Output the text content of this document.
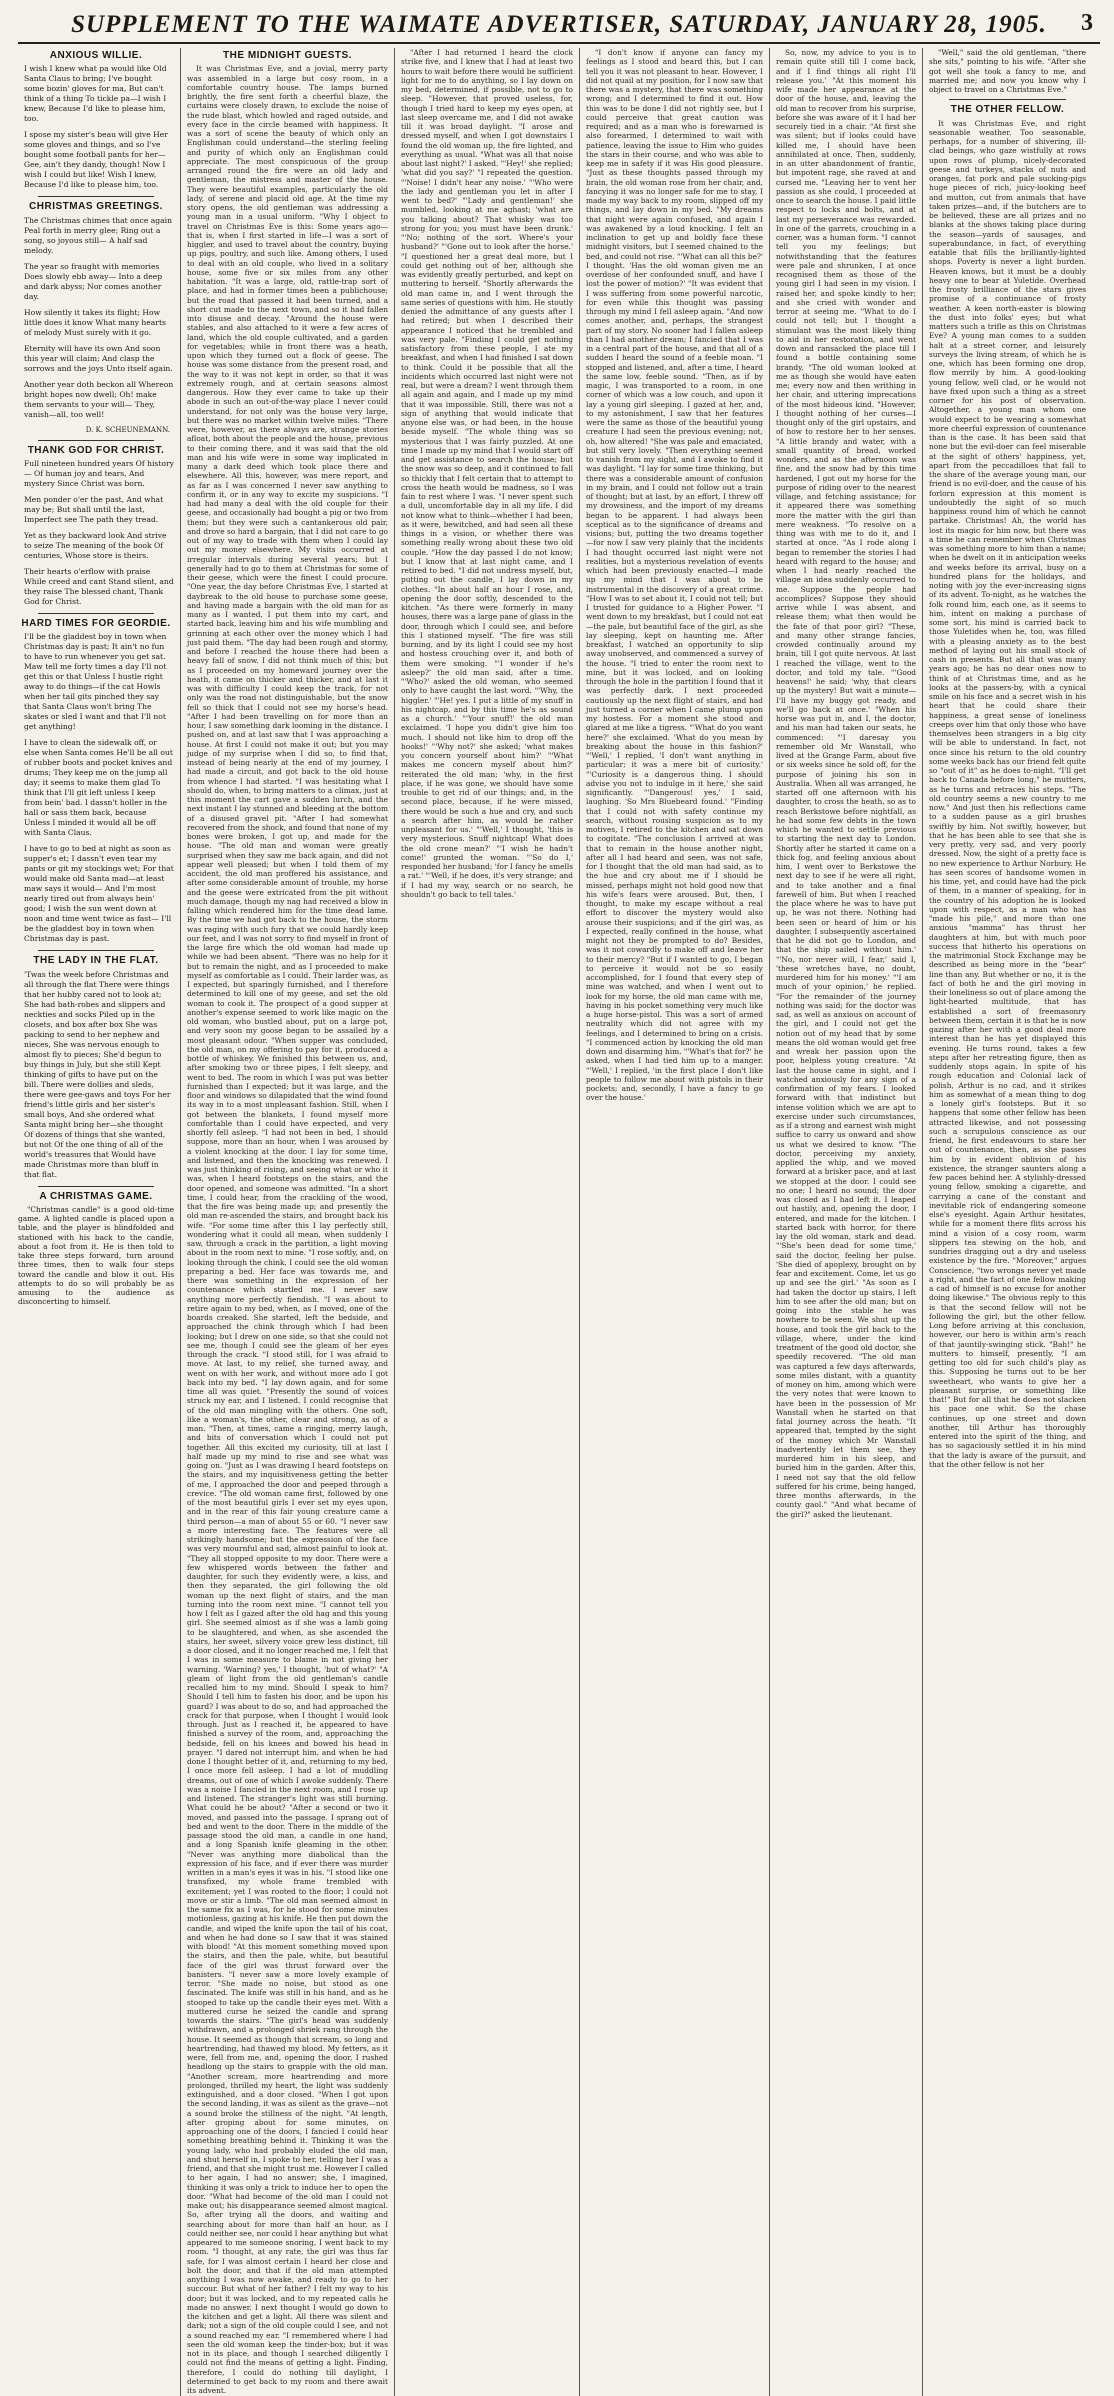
SUPPLEMENT TO THE WAIMATE ADVERTISER, SATURDAY, JANUARY 28, 1905. 3
ANXIOUS WILLIE.
I wish I knew what pa would like Old Santa Claus to bring; I've bought some bozin' gloves for ma, But can't think of a thing To tickle pa—I wish I knew, Because I'd like to please him, too.
I spose my sister's beau will give Her some gloves and things, and so I've bought some football pants for her— Gee, ain't they dandy, though! Now I wish I could but like! Wish I knew, Because I'd like to please him, too.
CHRISTMAS GREETINGS.
The Christmas chimes that once again Peal forth in merry glee; Ring out a song, so joyous still— A half sad melody.
The year so fraught with memories Does slowly ebb away— Into a deep and dark abyss; Nor comes another day.
How silently it takes its flight; How little does it know What many hearts of melody Must surely with it go.
Eternity will have its own And soon this year will claim; And clasp the sorrows and the joys Unto itself again.
Another year doth beckon all Whereon bright hopes now dwell; Oh! make them servants to your will— They, vanish—all, too well!
D. K. SCHEUNEMANN.
THANK GOD FOR CHRIST.
Full nineteen hundred years Of history— Of human joy and tears, And mystery Since Christ was born.
Men ponder o'er the past, And what may be; But shall until the last, Imperfect see The path they tread.
Yet as they backward look And strive to seize The meaning of the book Of centuries, Whose store is theirs.
Their hearts o'erflow with praise While creed and cant Stand silent, and they raise The blessed chant, Thank God for Christ.
HARD TIMES FOR GEORDIE.
I'll be the gladdest boy in town when Christmas day is past; It ain't no fun to have to run whenever you get sat. Maw tell me forty times a day I'll not get this or that Unless I hustle right away to do things—if the cat Howls when her tail gits pinched they say that Santa Claus won't bring The skates or sled I want and that I'll not get anything!
I have to clean the sidewalk off, or else when Santa comes He'll be all out of rubber boots and pocket knives and drums; They keep me on the jump all day; it seems to make them glad To think that I'll git left unless I keep from bein' bad. I dassn't holler in the hall or sass them back, because Unless I minded it would all be off with Santa Claus.
I have to go to bed at night as soon as supper's et; I dassn't even tear my pants or git my stockings wet; For that would make old Santa mad—at least maw says it would— And I'm most nearly tired out from always bein' good; I wish the sun went down at noon and time went twice as fast— I'll be the gladdest boy in town when Christmas day is past.
THE LADY IN THE FLAT.
'Twas the week before Christmas and all through the flat There were things that her hubby cared not to look at; She had bath-robes and slippers and neckties and socks Piled up in the closets, and box after box She was packing to send to her nephew and nieces, She was nervous enough to almost fly to pieces; She'd begun to buy things in July, but she still Kept thinking of gifts to have put on the bill. There were dollies and sleds, there were gee-gaws and toys For her friend's little girls and her sister's small boys, And she ordered what Santa might bring her—she thought Of dozens of things that she wanted, but not Of the one thing of all of the world's treasures that Would have made Christmas more than bluff in that flat.
A CHRISTMAS GAME.

"Christmas candle" is a good old-time game. A lighted candle is placed upon a table, and the player is blindfolded and stationed with his back to the candle, about a foot from it. He is then told to take three steps forward, turn around three times, then to walk four steps toward the candle and blow it out. His attempts to do so will probably be as amusing to the audience as disconcerting to himself.

THE MIDNIGHT GUESTS.

It was Christmas Eve, and a jovial, merry party was assembled in a large but cosy room, in a comfortable country house. The lamps burned brightly, the fire sent forth a cheerful blaze, the curtains were closely drawn, to exclude the noise of the rude blast, which howled and raged outside, and every face in the circle beamed with happiness. It was a sort of scene the beauty of which only an Englishman could understand—the sterling feeling and purity of which only an Englishman could appreciate. The most conspicuous of the group arranged round the fire were an old lady and gentleman, the mistress and master of the house. They were beautiful examples, particularly the old lady, of serene and placid old age. At the time my story opens, the old gentleman was addressing a young man in a usual uniform. "Why I object to travel on Christmas Eve is this: Some years ago—that is, when I first started in life—I was a sort of higgler, and used to travel about the country, buying up pigs, poultry, and such like. Among others, I used to deal with an old couple, who lived in a solitary house, some five or six miles from any other habitation. "It was a large, old, rattle-trap sort of place, and had in former times been a publichouse; but the road that passed it had been turned, and a short cut made to the next town, and so it had fallen into disuse and decay. "Around the house were stables, and also attached to it were a few acres of land, which the old couple cultivated, and a garden for vegetables; while in front there was a heath, upon which they turned out a flock of geese. The house was some distance from the present road, and the way to it was not kept in order, so that it was extremely rough, and at certain seasons almost dangerous. How they ever came to take up their abode in such an out-of-the-way place I never could understand, for not only was the house very large, but there was no market within twelve miles. "There were, however, as there always are, strange stories afloat, both about the people and the house, previous to their coming there, and it was said that the old man and his wife were in some way implicated in many a dark deed which took place there and elsewhere. All this, however, was mere report, and as far as I was concerned I never saw anything to confirm it, or in any way to excite my suspicions. "I had had many a deal with the old couple for their geese, and occasionally had bought a pig or two from them; but they were such a cantankerous old pair, and drove so hard a bargain, that I did not care to go out of my way to trade with them when I could lay out my money elsewhere. My visits occurred at irregular intervals during several years; but I generally had to go to them at Christmas for some of their geese, which were the finest I could procure. "One year, the day before Christmas Eve, I started at daybreak to the old house to purchase some geese, and having made a bargain with the old man for as many as I wanted, I put them into my cart, and started back, leaving him and his wife mumbling and grinning at each other over the money which I had just paid them. "The day had been rough and stormy, and before I reached the house there had been a heavy fall of snow. I did not think much of this; but as I proceeded on my homeward journey over the heath, it came on thicker and thicker, and at last it was with difficulty I could keep the track, for not only was the road not distinguishable, but the snow fell so thick that I could not see my horse's head. "After I had been travelling on for more than an hour, I saw something dark looming in the distance. I pushed on, and at last saw that I was approaching a house. At first I could not make it out; but you may judge of my surprise when I did so, to find that, instead of being nearly at the end of my journey, I had made a circuit, and got back to the old house from whence I had started. "I was hesitating what I should do, when, to bring matters to a climax, just at this moment the cart gave a sudden lurch, and the next instant I lay stunned and bleeding at the bottom of a disused gravel pit. "After I had somewhat recovered from the shock, and found that none of my bones were broken, I got up, and made for the house. "The old man and woman were greatly surprised when they saw me back again, and did not appear well pleased; but when I told them of my accident, the old man proffered his assistance, and after some considerable amount of trouble, my horse and the geese were extricated from the pit without much damage, though my nag had received a blow in falling which rendered him for the time dead lame. By the time we had got back to the house, the storm was raging with such fury that we could hardly keep our feet, and I was not sorry to find myself in front of the large fire which the old woman had made up while we had been absent. "There was no help for it but to remain the night, and as I proceeded to make myself as comfortable as I could. Their larder was, as I expected, but sparingly furnished, and I therefore determined to kill one of my geese, and set the old woman to cook it. The prospect of a good supper at another's expense seemed to work like magic on the old woman, who bustled about, put on a large pot, and very soon my goose began to be assailed by a most pleasant odour. "When supper was concluded, the old man, on my offering to pay for it, produced a bottle of whiskey. We finished this between us, and, after smoking two or three pipes, I felt sleepy, and went to bed. The room in which I was put was better furnished than I expected; but it was large, and the floor and windows so dilapidated that the wind found its way in to a most unpleasant fashion. Still, when I got between the blankets, I found myself more comfortable than I could have expected, and very shortly fell asleep. "I had not been in bed, I should suppose, more than an hour, when I was aroused by a violent knocking at the door. I lay for some time, and listened, and then the knocking was renewed. I was just thinking of rising, and seeing what or who it was, when I heard footsteps on the stairs, and the door opened, and someone was admitted. "In a short time, I could hear, from the crackling of the wood, that the fire was being made up; and presently the old man re-ascended the stairs, and brought back his wife. "For some time after this I lay perfectly still, wondering what it could all mean, when suddenly I saw, through a crack in the partition, a light moving about in the room next to mine. "I rose softly, and, on looking through the chink, I could see the old woman preparing a bed. Her face was towards me, and there was something in the expression of her countenance which startled me. I never saw anything more perfectly fiendish. "I was about to retire again to my bed, when, as I moved, one of the boards creaked. She started, left the bedside, and approached the chink through which I had been looking; but I drew on one side, so that she could not see me, though I could see the gleam of her eyes through the crack. "I stood still, for I was afraid to move. At last, to my relief, she turned away, and went on with her work, and without more ado I got back into my bed. "I lay down again, and for some time all was quiet. "Presently the sound of voices struck my ear, and I listened. I could recognise that of the old man mingling with the others. One soft, like a woman's, the other, clear and strong, as of a man. "Then, at times, came a ringing, merry laugh, and bits of conversation which I could not put together. All this excited my curiosity, till at last I half made up my mind to rise and see what was going on. "Just as I was drawing I heard footsteps on the stairs, and my inquisitiveness getting the better of me, I approached the door and peeped through a crevice. "The old woman came first, followed by one of the most beautiful girls I ever set my eyes upon, and in the rear of this fair young creature came a third person—a man of about 55 or 60. "I never saw a more interesting face. The features were all strikingly handsome; but the expression of the face was very mournful and sad, almost painful to look at. "They all stopped opposite to my door. There were a few whispered words between the father and daughter, for such they evidently were, a kiss, and then they separated, the girl following the old woman up the next flight of stairs, and the man turning into the room next mine. "I cannot tell you how I felt as I gazed after the old hag and this young girl. She seemed almost as if she was a lamb going to be slaughtered, and when, as she ascended the stairs, her sweet, silvery voice grew less distinct, till a door closed, and it no longer reached me, I felt that I was in some measure to blame in not giving her warning. 'Warning? yes,' I thought, 'but of what?' "A gleam of light from the old gentleman's candle recalled him to my mind. Should I speak to him? Should I tell him to fasten his door, and be upon his guard? I was about to do so, and had approached the crack for that purpose, when I thought I would look through. Just as I reached it, he appeared to have finished a survey of the room, and, approaching the bedside, fell on his knees and bowed his head in prayer. "I dared not interrupt him, and when he had done I thought better of it, and, returning to my bed, I once more fell asleep. I had a lot of muddling dreams, out of one of which I awoke suddenly. There was a noise I fancied in the next room, and I rose up and listened. The stranger's light was still burning. What could he be about? "After a second or two it moved, and passed into the passage. I sprang out of bed and went to the door. There in the middle of the passage stood the old man, a candle in one hand, and a long Spanish knife gleaming in the other. "Never was anything more diabolical than the expression of his face, and if ever there was murder written in a man's eyes it was in his. "I stood like one transfixed, my whole frame trembled with excitement; yet I was rooted to the floor; I could not move or stir a limb. "The old man seemed almost in the same fix as I was, for he stood for some minutes motionless, gazing at his knife. He then put down the candle, and wiped the knife upon the tail of his coat, and when he had done so I saw that it was stained with blood! "At this moment something moved upon the stairs, and then the pale, white, but beautiful face of the girl was thrust forward over the banisters. "I never saw a more lovely example of terror. "She made no noise, but stood as one fascinated. The knife was still in his hand, and as he stooped to take up the candle their eyes met. With a muttered curse he seized the candle and sprang towards the stairs. "The girl's head was suddenly withdrawn, and a prolonged shriek rang through the house. It seemed as though that scream, so long and heartrending, had thawed my blood. My fetters, as it were, fell from me, and, opening the door, I rushed headlong up the stairs to grapple with the old man. "Another scream, more heartrending and more prolonged, thrilled my heart, the light was suddenly extinguished, and a door closed. "When I got upon the second landing, it was as silent as the grave—not a sound broke the stillness of the night. "At length, after groping about for some minutes, on approaching one of the doors, I fancied I could hear something breathing behind it. Thinking it was the young lady, who had probably eluded the old man, and shut herself in, I spoke to her, telling her I was a friend, and that she might trust me. However I called to her again, I had no answer; she, I imagined, thinking it was only a trick to induce her to open the door. "What had become of the old man I could not make out; his disappearance seemed almost magical. So, after trying all the doors, and waiting and searching about for more than half an hour, as I could neither see, nor could I hear anything but what appeared to me someone snoring, I went back to my room. "I thought, at any rate, the girl was thus far safe, for I was almost certain I heard her close and bolt the door, and that if the old man attempted anything I was now awake, and ready to go to her succour. But what of her father? I felt my way to his door; but it was locked, and to my repeated calls he made no answer. I next thought I would go down to the kitchen and get a light. All there was silent and dark; not a sign of the old couple could I see, and not a sound reached my ear. "I remembered where I had seen the old woman keep the tinder-box; but it was not in its place, and though I searched diligently I could not find the means of getting a light. Finding, therefore, I could do nothing till daylight, I determined to get back to my room and there await its advent.

"After I had returned I heard the clock strike five, and I knew that I had at least two hours to wait before there would be sufficient light for me to do anything, so I lay down on my bed, determined, if possible, not to go to sleep. "However, that proved useless, for, though I tried hard to keep my eyes open, at last sleep overcame me, and I did not awake till it was broad daylight. "I arose and dressed myself, and when I got downstairs I found the old woman up, the fire lighted, and everything as usual. "What was all that noise about last night?' I asked. "'Hey!' she replied; 'what did you say?' "I repeated the question. "'Noise! I didn't hear any noise.' "'Who were the lady and gentleman you let in after I went to bed?' "'Lady and gentleman!' she mumbled, looking at me aghast; 'what are you talking about? That whisky was too strong for you; you must have been drunk.' "'No; nothing of the sort. Where's your husband?' "'Gone out to look after the horse.' "I questioned her a great deal more, but I could get nothing out of her, although she was evidently greatly perturbed, and kept on muttering to herself. "Shortly afterwards the old man came in, and I went through the same series of questions with him. He stoutly denied the admittance of any guests after I had retired; but when I described their appearance I noticed that he trembled and was very pale. "Finding I could get nothing satisfactory from these people, I ate my breakfast, and when I had finished I sat down to think. Could it be possible that all the incidents which occurred last night were not real, but were a dream? I went through them all again and again, and I made up my mind that it was impossible. Still, there was not a sign of anything that would indicate that anyone else was, or had been, in the house beside myself. "The whole thing was so mysterious that I was fairly puzzled. At one time I made up my mind that I would start off and get assistance to search the house; but the snow was so deep, and it continued to fall so thickly that I felt certain that to attempt to cross the heath would be madness, so I was fain to rest where I was. "I never spent such a dull, uncomfortable day in all my life. I did not know what to think—whether I had been, as it were, bewitched, and had seen all these things in a vision, or whether there was something really wrong about these two old couple. "How the day passed I do not know; but I know that at last night came, and I retired to bed. "I did not undress myself, but, putting out the candle, I lay down in my clothes. "In about half an hour I rose, and, opening the door softly, descended to the kitchen. "As there were formerly in many houses, there was a large pane of glass in the door, through which I could see, and before this I stationed myself. "The fire was still burning, and by its light I could see my host and hostess crouching over it, and both of them were smoking. "'I wonder if he's asleep?' the old man said, after a time. "'Who?' asked the old woman, who seemed only to have caught the last word. "'Why, the higgler.' "'He! yes. I put a little of my snuff in his nightcap, and by this time he's as sound as a church.' "'Your snuff!' the old man exclaimed. 'I hope you didn't give him too much. I should not like him to drop off the hooks!' "'Why not?' she asked; 'what makes you concern yourself about him?' "'What makes me concern myself about him?' reiterated the old man; 'why, in the first place, if he was gone, we should have some trouble to get rid of our things; and, in the second place, because, if he were missed, there would be such a hue and cry, and such a search after him, as would be rather unpleasant for us.' "'Well,' I thought, 'this is very mysterious. Snuff nightcap! What does the old crone mean?' "'I wish he hadn't come!' grunted the woman. "'So do I,' responded her husband; 'for I fancy he smells a rat.' "'Well, if he does, it's very strange; and if I had my way, search or no search, he shouldn't go back to tell tales.'

"I don't know if anyone can fancy my feelings as I stood and heard this, but I can tell you it was not pleasant to hear. However, I did not quail at my position, for I now saw that there was a mystery, that there was something wrong; and I determined to find it out. How this was to be done I did not rightly see, but I could perceive that great caution was required; and as a man who is forewarned is also forearmed, I determined to wait with patience, leaving the issue to Him who guides the stars in their course, and who was able to keep me in safety if it was His good pleasure. "Just as these thoughts passed through my brain, the old woman rose from her chair, and, fancying it was no longer safe for me to stay, I made my way back to my room, slipped off my things, and lay down in my bed. "My dreams that night were again confused, and again I was awakened by a loud knocking. I felt an inclination to get up and boldly face these midnight visitors, but I seemed chained to the bed, and could not rise. "'What can all this be?' I thought. 'Has the old woman given me an overdose of her confounded snuff, and have I lost the power of motion?' "It was evident that I was suffering from some powerful narcotic, for even while this thought was passing through my mind I fell asleep again. "And now comes another, and, perhaps, the strangest part of my story. No sooner had I fallen asleep than I had another dream; I fancied that I was in a central part of the house, and that all of a sudden I heard the sound of a feeble moan. "I stopped and listened, and, after a time, I heard the same low, feeble sound. "Then, as if by magic, I was transported to a room, in one corner of which was a low couch, and upon it lay a young girl sleeping. I gazed at her, and, to my astonishment, I saw that her features were the same as those of the beautiful young creature I had seen the previous evening; not, oh, how altered! "She was pale and emaciated, but still very lovely. "Then everything seemed to vanish from my sight, and I awoke to find it was daylight. "I lay for some time thinking, but there was a considerable amount of confusion in my brain, and I could not follow out a train of thought; but at last, by an effort, I threw off my drowsiness, and the import of my dreams began to be apparent. I had always been sceptical as to the significance of dreams and visions; but, putting the two dreams together—for now I saw very plainly that the incidents I had thought occurred last night were not realities, but a mysterious revelation of events which had been previously enacted—I made up my mind that I was about to be instrumental in the discovery of a great crime. "How I was to set about it, I could not tell; but I trusted for guidance to a Higher Power. "I went down to my breakfast, but I could not eat—the pale, but beautiful face of the girl, as she lay sleeping, kept on haunting me. After breakfast, I watched an opportunity to slip away unobserved, and commenced a survey of the house. "I tried to enter the room next to mine, but it was locked, and on looking through the hole in the partition I found that it was perfectly dark. I next proceeded cautiously up the next flight of stairs, and had just turned a corner when I came plump upon my hostess. For a moment she stood and glared at me like a tigress. "'What do you want here?' she exclaimed. 'What do you mean by breaking about the house in this fashion?' "'Well,' I replied, 'I don't want anything in particular; it was a mere bit of curiosity.' "'Curiosity is a dangerous thing. I should advise you not to indulge in it here,' she said significantly. "'Dangerous! yes,' I said, laughing. 'So Mrs Bluebeard found.' "Finding that I could not with safety continue my search, without rousing suspicion as to my motives, I retired to the kitchen and sat down to cogitate. "The conclusion I arrived at was that to remain in the house another night, after all I had heard and seen, was not safe, for I thought that the old man had said, as to the hue and cry about me if I should be missed, perhaps might not hold good now that his wife's fears were aroused. But, then, I thought, to make my escape without a real effort to discover the mystery would also arouse their suspicions; and if the girl was, as I expected, really confined in the house, what might not they be prompted to do? Besides, was it not cowardly to make off and leave her to their mercy? "But if I wanted to go, I began to perceive it would not be so easily accomplished, for I found that every step of mine was watched, and when I went out to look for my horse, the old man came with me, having in his pocket something very much like a huge horse-pistol. This was a sort of armed neutrality which did not agree with my feelings, and I determined to bring on a crisis. "I commenced action by knocking the old man down and disarming him. "'What's that for?' he asked, when I had tied him up to a manger. "'Well,' I replied, 'in the first place I don't like people to follow me about with pistols in their pockets; and, secondly, I have a fancy to go over the house.'

So, now, my advice to you is to remain quite still till I come back, and if I find things all right I'll release you.' "At this moment his wife made her appearance at the door of the house, and, leaving the old man to recover from his surprise, before she was aware of it I had her securely tied in a chair. "At first she was silent; but if looks could have killed me, I should have been annihilated at once. Then, suddenly, in an utter abandonment of frantic, but impotent rage, she raved at and cursed me. "Leaving her to vent her passion as she could, I proceeded at once to search the house. I paid little respect to locks and bolts, and at last my perseverance was rewarded. In one of the garrets, crouching in a corner, was a human form. "I cannot tell you my feelings; but notwithstanding that the features were pale and shrunken, I at once recognised them as those of the young girl I had seen in my vision. I raised her, and spoke kindly to her; and she cried with wonder and terror at seeing me. "What to do I could not tell; but I thought a stimulant was the most likely thing to aid in her restoration, and went down and ransacked the place till I found a bottle containing some brandy. "The old woman looked at me as though she would have eaten me; every now and then writhing in her chair, and uttering imprecations of the most hideous kind. "However, I thought nothing of her curses—I thought only of the girl upstairs, and of how to restore her to her senses. "A little brandy and water, with a small quantity of bread, worked wonders, and as the afternoon was fine, and the snow had by this time hardened, I got out my horse for the purpose of riding over to the nearest village, and fetching assistance; for it appeared there was something more the matter with the girl than mere weakness. "To resolve on a thing was with me to do it, and I started at once. "As I rode along I began to remember the stories I had heard with regard to the house; and when I had nearly reached the village an idea suddenly occurred to me. Suppose the people had accomplices? Suppose they should arrive while I was absent, and release them; what then would be the fate of that poor girl? "These, and many other strange fancies, crowded continually around my brain, till I got quite nervous. At last I reached the village, went to the doctor, and told my tale. "'Good heavens!' he said; 'why, that clears up the mystery! But wait a minute—I'll have my buggy got ready, and we'll go back at once.' "When his horse was put in, and I, the doctor, and his man had taken our seats, he commenced: "'I daresay you remember old Mr Wanstall, who lived at the Grange Farm, about five or six weeks since he sold off, for the purpose of joining his son in Australia. When all was arranged, he started off one afternoon with his daughter, to cross the heath, so as to reach Berkstowe before nightfall, as he had some few debts in the town which he wanted to settle previous to starting the next day to London. Shortly after he started it came on a thick fog, and feeling anxious about him, I went over to Berkstowe the next day to see if he were all right, and to take another and a final farewell of him. But when I reached the place where he was to have put up, he was not there. Nothing had been seen or heard of him or his daughter. I subsequently ascertained that he did not go to London, and that the ship sailed without him.' "'No, nor never will, I fear,' said I, 'these wretches have, no doubt, murdered him for his money.' "'I am much of your opinion,' he replied. "For the remainder of the journey nothing was said; for the doctor was sad, as well as anxious on account of the girl, and I could not get the notion out of my head that by some means the old woman would get free and wreak her passion upon the poor, helpless young creature. "At last the house came in sight, and I watched anxiously for any sign of a confirmation of my fears. I looked forward with that indistinct but intense volition which we are apt to exercise under such circumstances, as if a strong and earnest wish might suffice to carry us onward and show us what we desired to know. "The doctor, perceiving my anxiety, applied the whip, and we moved forward at a brisker pace, and at last we stopped at the door. I could see no one; I heard no sound; the door was closed as I had left it. I leaped out hastily, and, opening the door, I entered, and made for the kitchen. I started back with horror, for there lay the old woman, stark and dead. "'She's been dead for some time,' said the doctor, feeling her pulse. 'She died of apoplexy, brought on by fear and excitement. Come, let us go up and see the girl.' "As soon as I had taken the doctor up stairs, I left him to see after the old man; but on going into the stable he was nowhere to be seen. We shut up the house, and took the girl back to the village, where, under the kind treatment of the good old doctor, she speedily recovered. "The old man was captured a few days afterwards, some miles distant, with a quantity of money on him, among which were the very notes that were known to have been in the possession of Mr Wanstall when he started on that fatal journey across the heath. "It appeared that, tempted by the sight of the money which Mr Wanstall inadvertently let them see, they murdered him in his sleep, and buried him in the garden. After this, I need not say that the old fellow suffered for his crime, being hanged, three months afterwards, in the county gaol." "And what became of the girl?" asked the lieutenant.

"Well," said the old gentleman, "there she sits," pointing to his wife. "After she got well she took a fancy to me, and married me; and now you know why I object to travel on a Christmas Eve."

THE OTHER FELLOW.

It was Christmas Eve, and right seasonable weather. Too seasonable, perhaps, for a number of shivering, ill-clad beings, who gaze wistfully at rows upon rows of plump, nicely-decorated geese and turkeys, stacks of nuts and oranges, fat pork and pale sucking-pigs huge pieces of rich, juicy-looking beef and mutton, cut from animals that have taken prizes—and, if the butchers are to be believed, these are all prizes and no blanks at the shows taking place during the season—yards of sausages, and superabundance, in fact, of everything eatable that fills the brilliantly-lighted shops. Poverty is never a light burden. Heaven knows, but it must be a doubly heavy one to bear at Yuletide. Overhead the frosty brilliance of the stars gives promise of a continuance of frosty weather. A keen north-easter is blowing the dust into folks' eyes; but what matters such a trifle as this on Christmas Eve? A young man comes to a sudden halt at a street corner, and leisurely surveys the living stream, of which he is one, which has been forming one drop, flow merrily by him. A good-looking young fellow, well clad, or he would not have fixed upon such a thing as a street corner for his post of observation. Altogether, a young man whom one would expect to be wearing a somewhat more cheerful expression of countenance than is the case. It has been said that none but the evil-doer can feel miserable at the sight of others' happiness, yet, apart from the peccadilloes that fall to the share of the average young man, our friend is no evil-doer, and the cause of his forlorn expression at this moment is undoubtedly the sight of so much happiness round him of which he cannot partake. Christmas! Ah, the world has lost its magic for him now, but there was a time he can remember when Christmas was something more to him than a name; when he dwelt on it in anticipation weeks and weeks before its arrival, busy on a hundred plans for the holidays, and noting with joy the ever-increasing signs of its advent. To-night, as he watches the folk round him, each one, as it seems to him, intent on making a purchase of some sort, his mind is carried back to those Yuletides when he, too, was filled with a pleasing anxiety as to the best method of laying out his small stock of cash in presents. But all that was many years ago; he has no dear ones now to think of at Christmas time, and as he looks at the passers-by, with a cynical smile on his face and a secret wish in his heart that he could share their happiness, a great sense of loneliness creeps over him that only those who have themselves been strangers in a big city will be able to understand. In fact, not once since his return to the old country some weeks back has our friend felt quite so "out of it" as he does to-night. "I'll get back to Canada before long," he mutters, as he turns and retraces his steps. "The old country seems a new country to me now." And just then his reflections came to a sudden pause as a girl brushes swiftly by him. Not swiftly, however, but that he has been able to see that she is very pretty, very sad, and very poorly dressed. Now, the sight of a pretty face is no new experience to Arthur Norbury. He has seen scores of handsome women in his time, yet, and could have had the pick of them, in a manner of speaking, for in the country of his adoption he is looked upon with respect, as a man who has "made his pile," and more than one anxious "mamma" has thrust her daughters at him, but with much poor success that hitherto his operations on the matrimonial Stock Exchange may be described as being more in the "bear" line than any. But whether or no, it is the fact of both he and the girl moving in their loneliness so out of place among the light-hearted multitude, that has established a sort of freemasonry between them, certain it is that he is now gazing after her with a good deal more interest than he has yet displayed this evening. He turns round, takes a few steps after her retreating figure, then as suddenly stops again. In spite of his rough education and Colonial lack of polish, Arthur is no cad, and it strikes him as somewhat of a mean thing to dog a lonely girl's footsteps. But it so happens that some other fellow has been attracted likewise, and not possessing such a scrupulous conscience as our friend, he first endeavours to stare her out of countenance, then, as she passes him by in evident oblivion of his existence, the stranger saunters along a few paces behind her. A stylishly-dressed young fellow, smoking a cigarette, and carrying a cane of the constant and inevitable rick of endangering someone else's eyesight. Again Arthur hesitates, while for a moment there flits across his mind a vision of a cosy room, warm slippers tea stewing on the hob, and sundries dragging out a dry and useless existence by the fire. "Moreover," argues Conscience, "two wrongs never yet made a right, and the fact of one fellow making a cad of himself is no excuse for another doing likewise." The obvious reply to this is that the second fellow will not be following the girl, but the other fellow. Long before arriving at this conclusion, however, our hero is within arm's reach of that jauntily-swinging stick. "Bah!" he mutters to himself, presently, "I am getting too old for such child's play as this. Supposing he turns out to be her sweetheart, who wants to give her a pleasant surprise, or something like that!" But for all that he does not slacken his pace one whit. So the chase continues, up one street and down another, till Arthur has thoroughly entered into the spirit of the thing, and has so sagaciously settled it in his mind that the lady is aware of the pursuit, and that the other fellow is not her
